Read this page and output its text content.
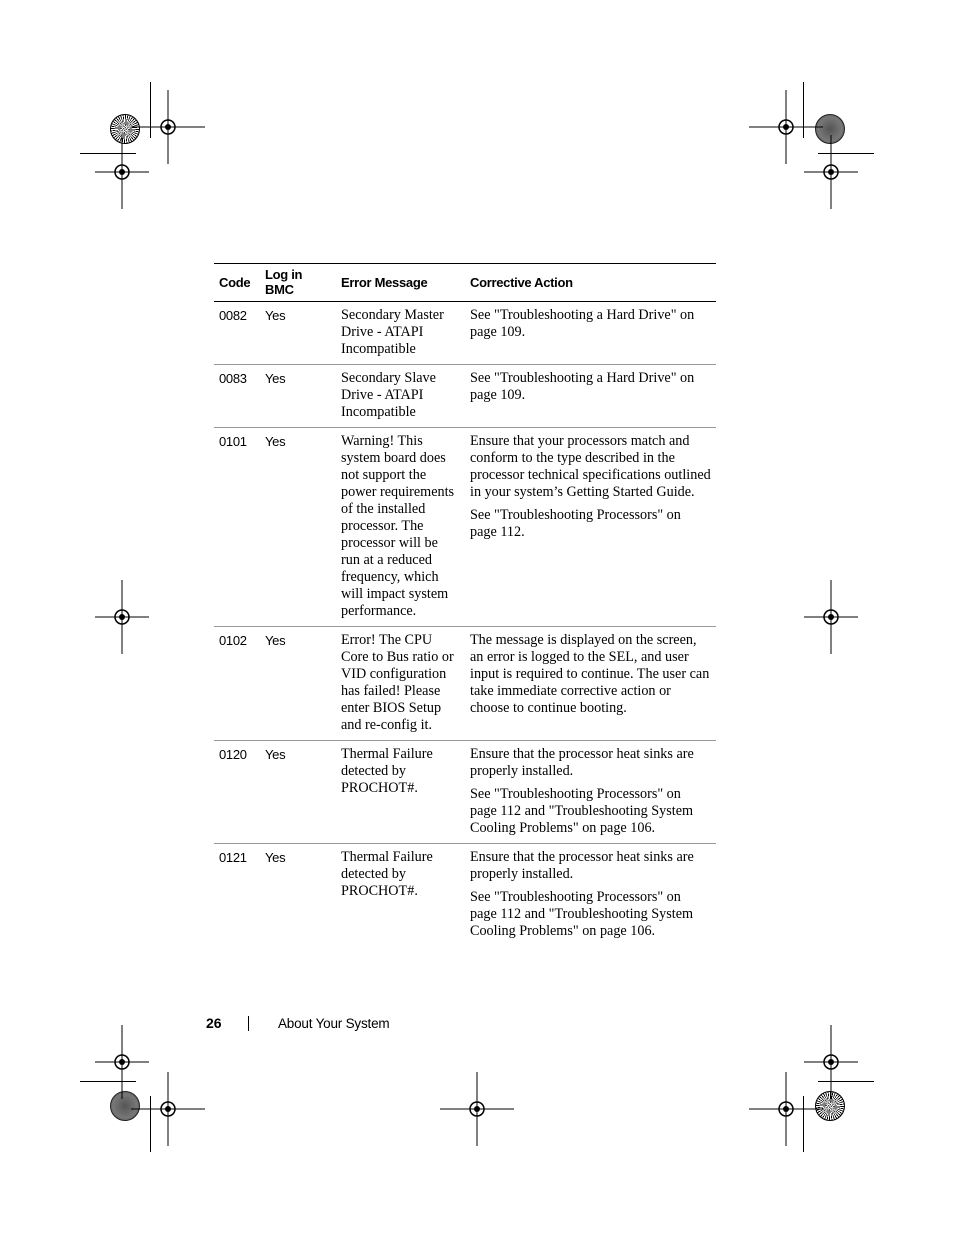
Code	Log in BMC	Error Message	Corrective Action
0082	Yes	Secondary Master Drive - ATAPI Incompatible	See "Troubleshooting a Hard Drive" on page 109.

0083	Yes	Secondary Slave Drive - ATAPI Incompatible	See "Troubleshooting a Hard Drive" on page 109.

0101	Yes	Warning! This system board does not support the power requirements of the installed processor. The processor will be run at a reduced frequency, which will impact system performance.	Ensure that your processors match and conform to the type described in the processor technical specifications outlined in your system’s Getting Started Guide.

See "Troubleshooting Processors" on page 112.

0102	Yes	Error! The CPU Core to Bus ratio or VID configuration has failed! Please enter BIOS Setup and re-config it.	The message is displayed on the screen, an error is logged to the SEL, and user input is required to continue. The user can take immediate corrective action or choose to continue booting.

0120	Yes	Thermal Failure detected by PROCHOT#.	Ensure that the processor heat sinks are properly installed.

See "Troubleshooting Processors" on page 112 and "Troubleshooting System Cooling Problems" on page 106.

0121	Yes	Thermal Failure detected by PROCHOT#.	Ensure that the processor heat sinks are properly installed.

See "Troubleshooting Processors" on page 112 and "Troubleshooting System Cooling Problems" on page 106.

26	About Your System
